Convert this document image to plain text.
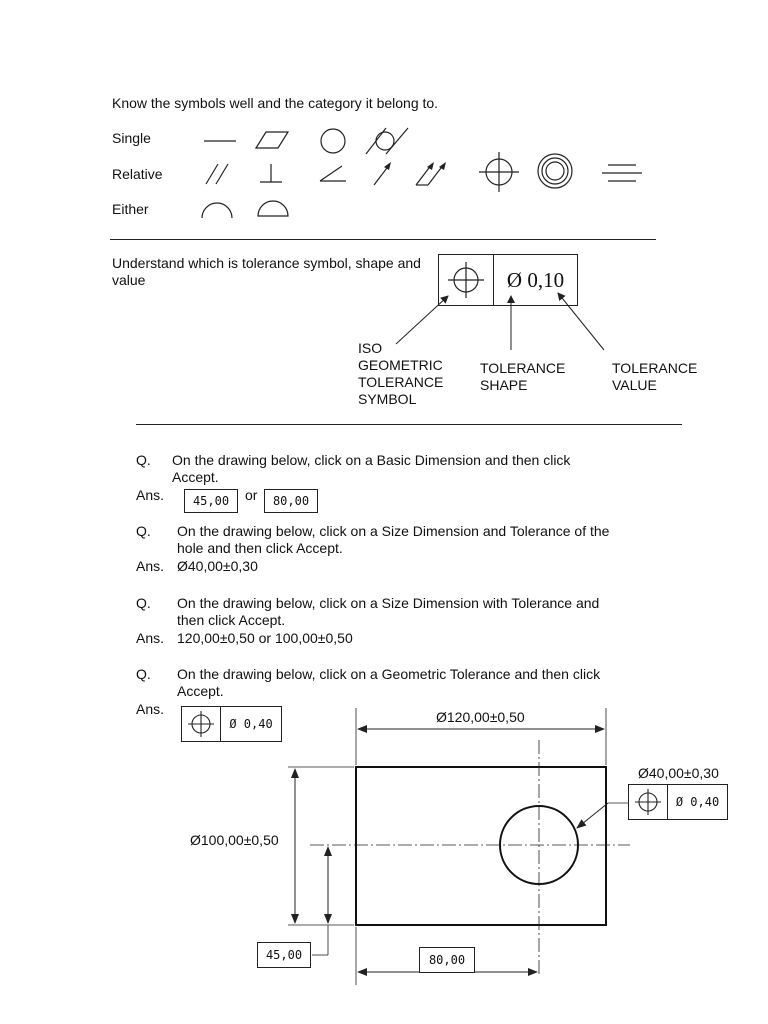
Know the symbols well and the category it belong to.
Single
Relative
Either
Understand which is tolerance symbol, shape and value	Ø
0,10
ISO
GEOMETRIC
TOLERANCE
SYMBOL
TOLERANCE
SHAPE
TOLERANCE
VALUE
Q. On the drawing below, click on a Basic Dimension and then click
Accept.
Ans.	45,00	or	80,00
Q. On the drawing below, click on a Size Dimension and Tolerance of the
hole and then click Accept.
Ans. Ø40,00±0,30
Q. On the drawing below, click on a Size Dimension with Tolerance and
then click Accept.
Ans. 120,00±0,50 or 100,00±0,50
Q. On the drawing below, click on a Geometric Tolerance and then click
Accept.
Ans.
Ø
0,40	Ø120,00±0,50
Ø100,00±0,50
Ø40,00±0,30
Ø
0,40
45,00	80,00
